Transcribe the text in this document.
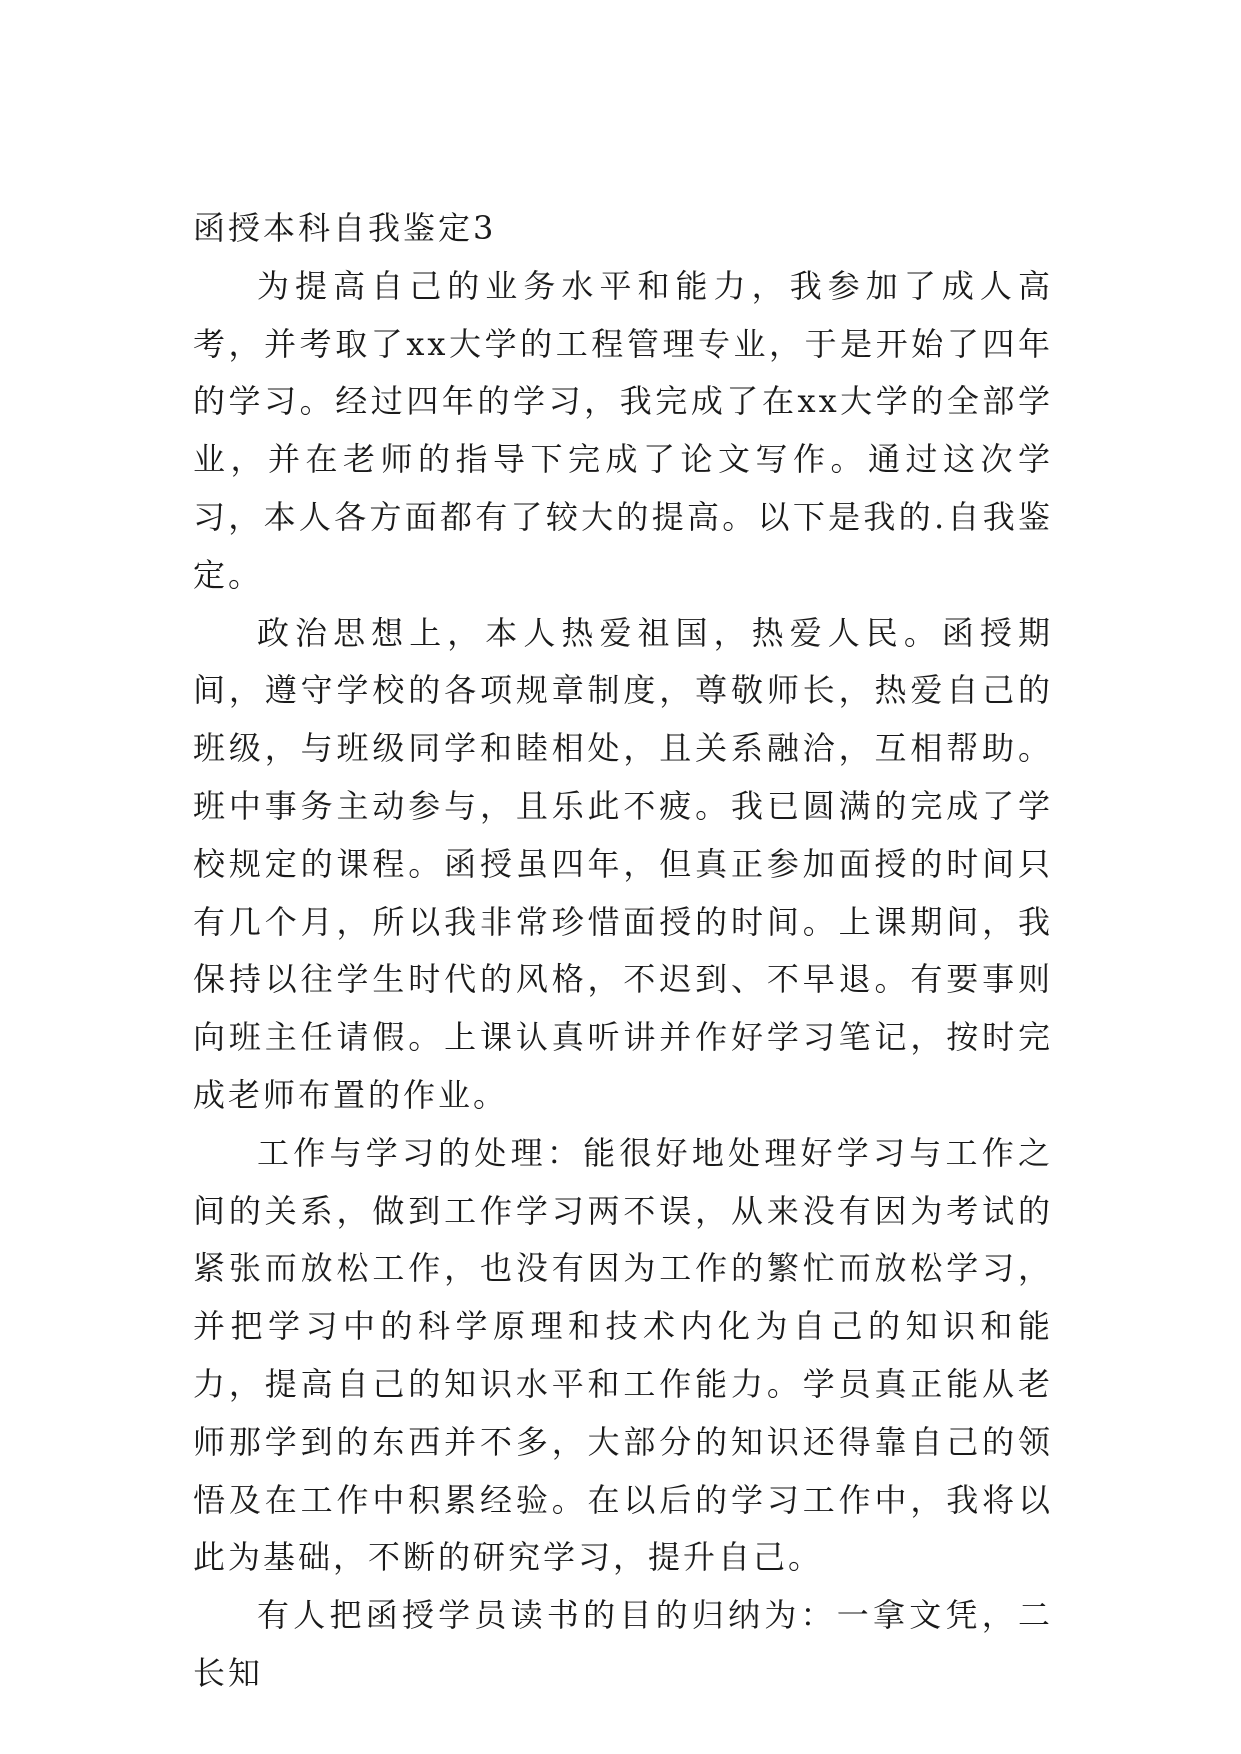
函授本科自我鉴定3

为提高自己的业务水平和能力，我参加了成人高考，并考取了xx大学的工程管理专业，于是开始了四年的学习。经过四年的学习，我完成了在xx大学的全部学业，并在老师的指导下完成了论文写作。通过这次学习，本人各方面都有了较大的提高。以下是我的.自我鉴定。

政治思想上，本人热爱祖国，热爱人民。函授期间，遵守学校的各项规章制度，尊敬师长，热爱自己的班级，与班级同学和睦相处，且关系融洽，互相帮助。班中事务主动参与，且乐此不疲。我已圆满的完成了学校规定的课程。函授虽四年，但真正参加面授的时间只有几个月，所以我非常珍惜面授的时间。上课期间，我保持以往学生时代的风格，不迟到、不早退。有要事则向班主任请假。上课认真听讲并作好学习笔记，按时完成老师布置的作业。

工作与学习的处理：能很好地处理好学习与工作之间的关系，做到工作学习两不误，从来没有因为考试的紧张而放松工作，也没有因为工作的繁忙而放松学习，并把学习中的科学原理和技术内化为自己的知识和能力，提高自己的知识水平和工作能力。学员真正能从老师那学到的东西并不多，大部分的知识还得靠自己的领悟及在工作中积累经验。在以后的学习工作中，我将以此为基础，不断的研究学习，提升自己。

有人把函授学员读书的目的归纳为：一拿文凭，二长知
